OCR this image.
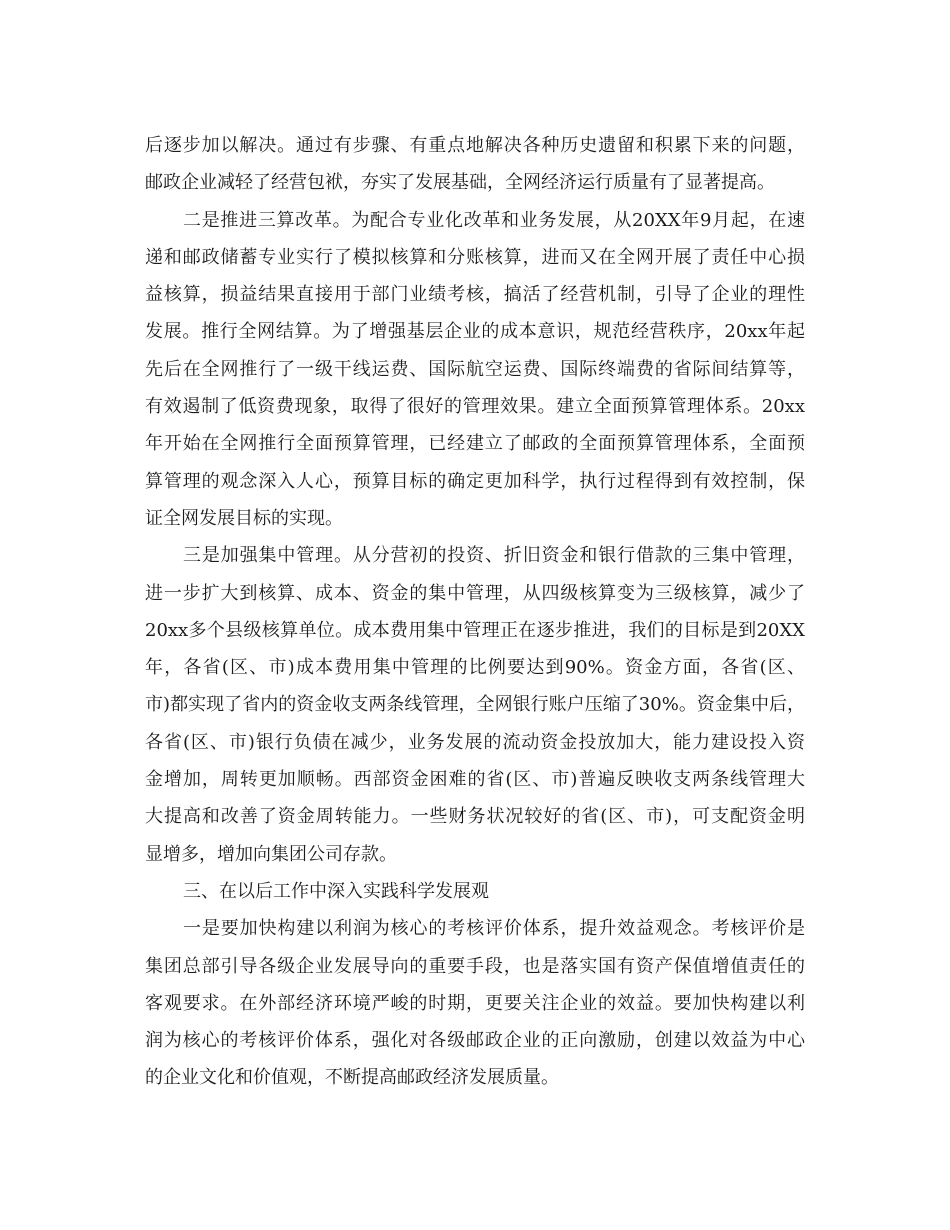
后逐步加以解决。通过有步骤、有重点地解决各种历史遗留和积累下来的问题，
邮政企业减轻了经营包袱，夯实了发展基础，全网经济运行质量有了显著提高。
二是推进三算改革。为配合专业化改革和业务发展，从20XX年9月起，在速
递和邮政储蓄专业实行了模拟核算和分账核算，进而又在全网开展了责任中心损
益核算，损益结果直接用于部门业绩考核，搞活了经营机制，引导了企业的理性
发展。推行全网结算。为了增强基层企业的成本意识，规范经营秩序，20xx年起
先后在全网推行了一级干线运费、国际航空运费、国际终端费的省际间结算等，
有效遏制了低资费现象，取得了很好的管理效果。建立全面预算管理体系。20xx
年开始在全网推行全面预算管理，已经建立了邮政的全面预算管理体系，全面预
算管理的观念深入人心，预算目标的确定更加科学，执行过程得到有效控制，保
证全网发展目标的实现。
三是加强集中管理。从分营初的投资、折旧资金和银行借款的三集中管理，
进一步扩大到核算、成本、资金的集中管理，从四级核算变为三级核算，减少了
20xx多个县级核算单位。成本费用集中管理正在逐步推进，我们的目标是到20XX
年，各省(区、市)成本费用集中管理的比例要达到90%。资金方面，各省(区、
市)都实现了省内的资金收支两条线管理，全网银行账户压缩了30%。资金集中后，
各省(区、市)银行负债在减少，业务发展的流动资金投放加大，能力建设投入资
金增加，周转更加顺畅。西部资金困难的省(区、市)普遍反映收支两条线管理大
大提高和改善了资金周转能力。一些财务状况较好的省(区、市)，可支配资金明
显增多，增加向集团公司存款。
三、在以后工作中深入实践科学发展观
一是要加快构建以利润为核心的考核评价体系，提升效益观念。考核评价是
集团总部引导各级企业发展导向的重要手段，也是落实国有资产保值增值责任的
客观要求。在外部经济环境严峻的时期，更要关注企业的效益。要加快构建以利
润为核心的考核评价体系，强化对各级邮政企业的正向激励，创建以效益为中心
的企业文化和价值观，不断提高邮政经济发展质量。
